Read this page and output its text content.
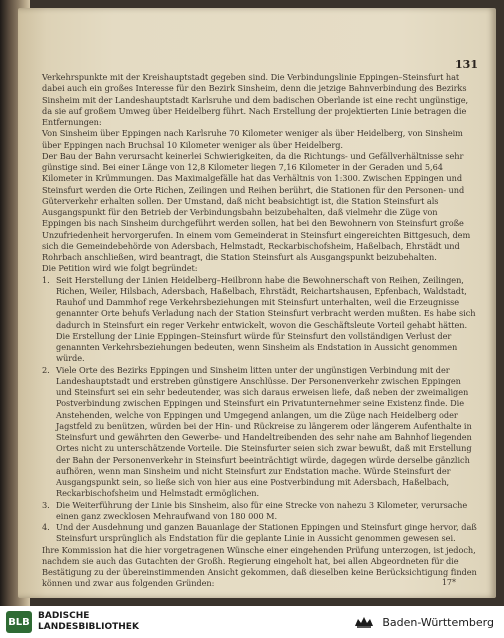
131

Verkehrspunkte mit der Kreishauptstadt gegeben sind. Die Verbindungslinie Eppingen–Steinsfurt hat dabei auch ein großes Interesse für den Bezirk Sinsheim, denn die jetzige Bahnverbindung des Bezirks Sinsheim mit der Landeshauptstadt Karlsruhe und dem badischen Oberlande ist eine recht ungünstige, da sie auf großem Umweg über Heidelberg führt. Nach Erstellung der projektierten Linie betragen die Entfernungen:

Von Sinsheim über Eppingen nach Karlsruhe 70 Kilometer weniger als über Heidelberg, von Sinsheim über Eppingen nach Bruchsal 10 Kilometer weniger als über Heidelberg.

Der Bau der Bahn verursacht keinerlei Schwierigkeiten, da die Richtungs- und Gefällverhältnisse sehr günstige sind. Bei einer Länge von 12,8 Kilometer liegen 7,16 Kilometer in der Geraden und 5,64 Kilometer in Krümmungen. Das Maximalgefälle hat das Verhältnis von 1:300. Zwischen Eppingen und Steinsfurt werden die Orte Richen, Zeilingen und Reihen berührt, die Stationen für den Personen- und Güterverkehr erhalten sollen. Der Umstand, daß nicht beabsichtigt ist, die Station Steinsfurt als Ausgangspunkt für den Betrieb der Verbindungsbahn beizubehalten, daß vielmehr die Züge von Eppingen bis nach Sinsheim durchgeführt werden sollen, hat bei den Bewohnern von Steinsfurt große Unzufriedenheit hervorgerufen. In einem vom Gemeinderat in Steinsfurt eingereichten Bittgesuch, dem sich die Gemeindebehörde von Adersbach, Helmstadt, Reckarbischofsheim, Haßelbach, Ehrstädt und Rohrbach anschließen, wird beantragt, die Station Steinsfurt als Ausgangspunkt beizubehalten.

Die Petition wird wie folgt begründet:

1. Seit Herstellung der Linien Heidelberg–Heilbronn habe die Bewohnerschaft von Reihen, Zeilingen, Richen, Weiler, Hilsbach, Adersbach, Haßelbach, Ehrstädt, Reichartshausen, Epfenbach, Waldstadt, Rauhof und Dammhof rege Verkehrsbeziehungen mit Steinsfurt unterhalten, weil die Erzeugnisse genannter Orte behufs Verladung nach der Station Steinsfurt verbracht werden mußten. Es habe sich dadurch in Steinsfurt ein reger Verkehr entwickelt, wovon die Geschäftsleute Vorteil gehabt hätten. Die Erstellung der Linie Eppingen–Steinsfurt würde für Steinsfurt den vollständigen Verlust der genannten Verkehrsbeziehungen bedeuten, wenn Sinsheim als Endstation in Aussicht genommen würde.
2. Viele Orte des Bezirks Eppingen und Sinsheim litten unter der ungünstigen Verbindung mit der Landeshauptstadt und erstreben günstigere Anschlüsse. Der Personenverkehr zwischen Eppingen und Steinsfurt sei ein sehr bedeutender, was sich daraus erweisen liefe, daß neben der zweimaligen Postverbindung zwischen Eppingen und Steinsfurt ein Privatunternehmer seine Existenz finde. Die Anstehenden, welche von Eppingen und Umgegend anlangen, um die Züge nach Heidelberg oder Jagstfeld zu benützen, würden bei der Hin- und Rückreise zu längerem oder längerem Aufenthalte in Steinsfurt und gewährten den Gewerbe- und Handeltreibenden des sehr nahe am Bahnhof liegenden Ortes nicht zu unterschätzende Vorteile. Die Steinsfurter seien sich zwar bewußt, daß mit Erstellung der Bahn der Personenverkehr in Steinsfurt beeinträchtigt würde, dagegen würde derselbe gänzlich aufhören, wenn man Sinsheim und nicht Steinsfurt zur Endstation mache. Würde Steinsfurt der Ausgangspunkt sein, so ließe sich von hier aus eine Postverbindung mit Adersbach, Haßelbach, Reckarbischofsheim und Helmstadt ermöglichen.
3. Die Weiterführung der Linie bis Sinsheim, also für eine Strecke von nahezu 3 Kilometer, verursache einen ganz zwecklosen Mehraufwand von 180 000 M.
4. Und der Ausdehnung und ganzen Bauanlage der Stationen Eppingen und Steinsfurt ginge hervor, daß Steinsfurt ursprünglich als Endstation für die geplante Linie in Aussicht genommen gewesen sei.

Ihre Kommission hat die hier vorgetragenen Wünsche einer eingehenden Prüfung unterzogen, ist jedoch, nachdem sie auch das Gutachten der Großh. Regierung eingeholt hat, bei allen Abgeordneten für die Bestätigung zu der übereinstimmenden Ansicht gekommen, daß dieselben keine Berücksichtigung finden können und zwar aus folgenden Gründen:	17*
BLB
BADISCHE
LANDESBIBLIOTHEK	Baden-Württemberg
